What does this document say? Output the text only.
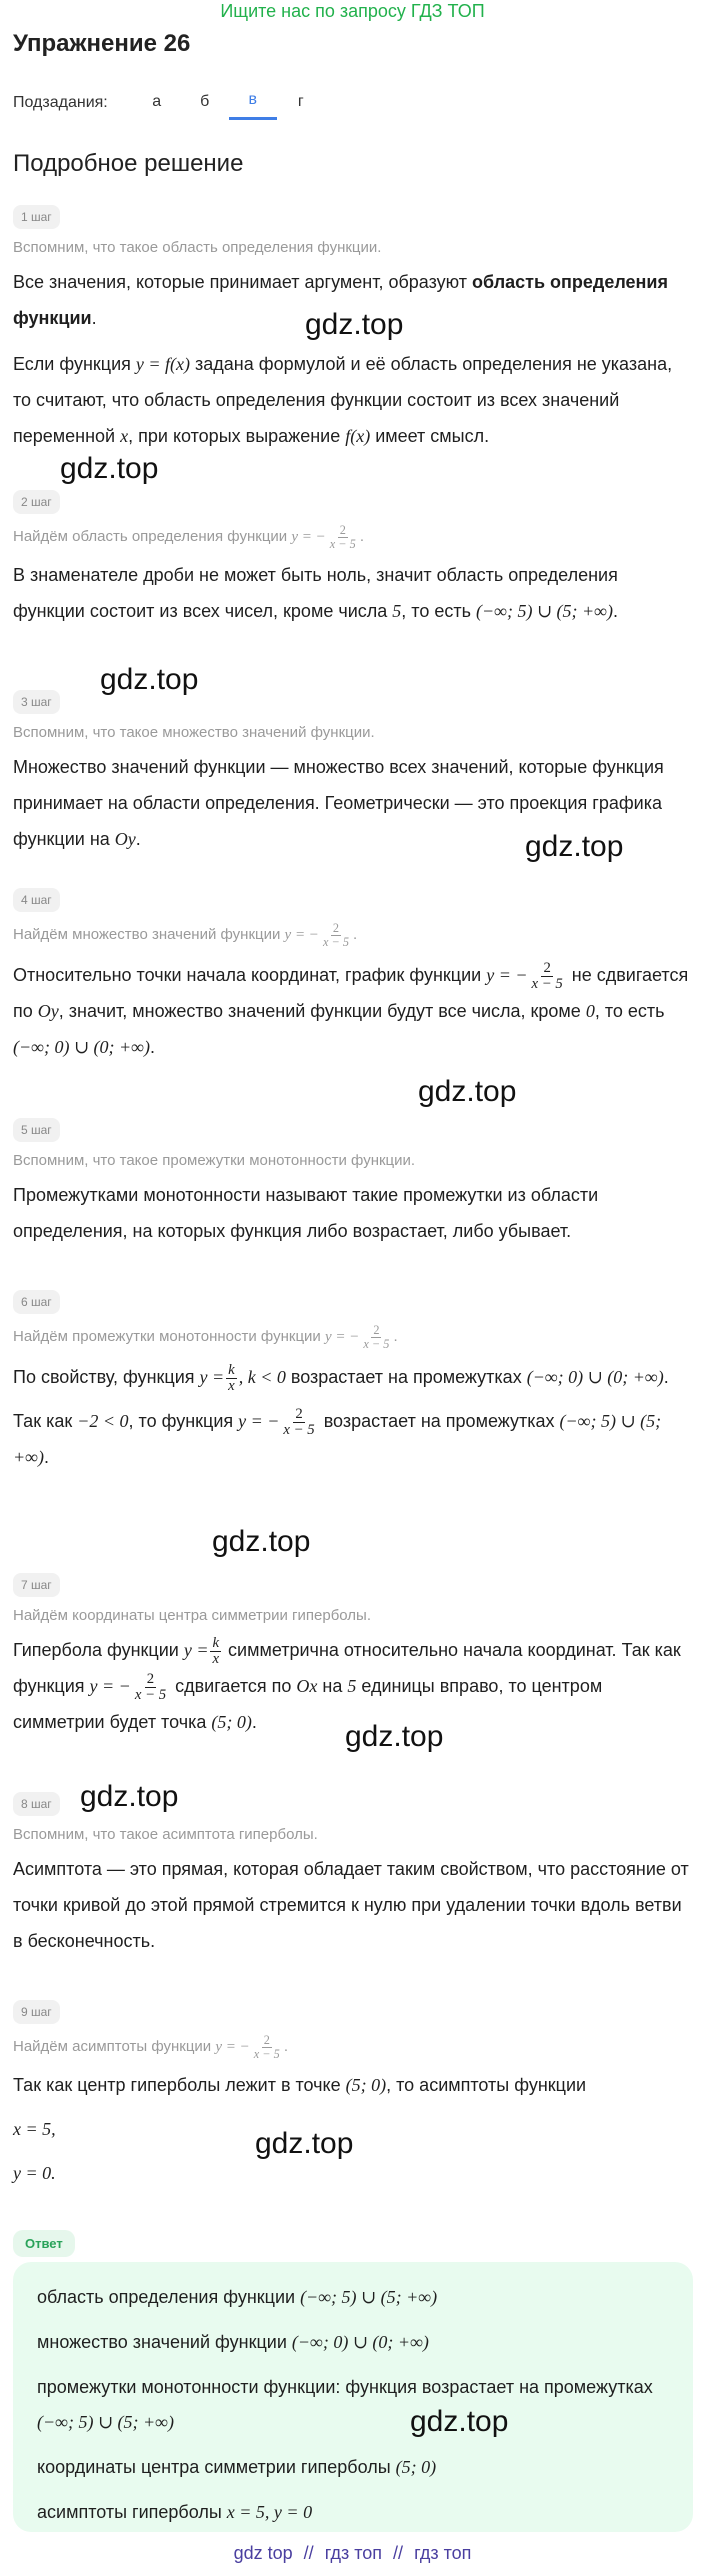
Ищите нас по запросу ГДЗ ТОП
Упражнение 26
Подзадания:	а	б	в	г
Подробное решение
1 шаг
Вспомним, что такое область определения функции.
Все значения, которые принимает аргумент, образуют область определения функции.
Если функция y = f(x) задана формулой и её область определения не указана, то считают, что область определения функции состоит из всех значений переменной x, при которых выражение f(x) имеет смысл.
2 шаг
Найдём область определения функции y = − $\frac{2}{x - 5}$ .
В знаменателе дроби не может быть ноль, значит область определения функции состоит из всех чисел, кроме числа 5, то есть (−∞; 5) ∪ (5; +∞).
3 шаг
Вспомним, что такое множество значений функции.
Множество значений функции — множество всех значений, которые функция принимает на области определения. Геометрически — это проекция графика функции на Oy.
4 шаг
Найдём множество значений функции y = − $\frac{2}{x - 5}$ .
Относительно точки начала координат, график функции y = − $\frac{2}{x - 5}$ не сдвигается по Oy, значит, множество значений функции будут все числа, кроме 0, то есть (−∞; 0) ∪ (0; +∞).
5 шаг
Вспомним, что такое промежутки монотонности функции.
Промежутками монотонности называют такие промежутки из области определения, на которых функция либо возрастает, либо убывает.
6 шаг
Найдём промежутки монотонности функции y = − $\frac{2}{x - 5}$ .
По свойству, функция $y = \frac{k}{x}$ , k < 0 возрастает на промежутках (−∞; 0) ∪ (0; +∞).
Так как −2 < 0, то функция y = − $\frac{2}{x - 5}$ возрастает на промежутках (−∞; 5) ∪ (5; +∞).
7 шаг
Найдём координаты центра симметрии гиперболы.
Гипербола функции $y = \frac{k}{x}$ симметрична относительно начала координат. Так как функция y = − $\frac{2}{x - 5}$ сдвигается по Ox на 5 единицы вправо, то центром симметрии будет точка (5; 0).
8 шаг
Вспомним, что такое асимптота гиперболы.
Асимптота — это прямая, которая обладает таким свойством, что расстояние от точки кривой до этой прямой стремится к нулю при удалении точки вдоль ветви в бесконечность.
9 шаг
Найдём асимптоты функции y = − $\frac{2}{x - 5}$ .
Так как центр гиперболы лежит в точке (5; 0), то асимптоты функции
x = 5,
y = 0.
Ответ
область определения функции (−∞; 5) ∪ (5; +∞)
множество значений функции (−∞; 0) ∪ (0; +∞)
промежутки монотонности функции: функция возрастает на промежутках (−∞; 5) ∪ (5; +∞)
координаты центра симметрии гиперболы (5; 0)
асимптоты гиперболы x = 5, y = 0
gdz.top
gdz.top
gdz.top
gdz.top
gdz.top
gdz.top
gdz.top
gdz.top
gdz.top
gdz.top
gdz top // гдз топ // гдз топ
